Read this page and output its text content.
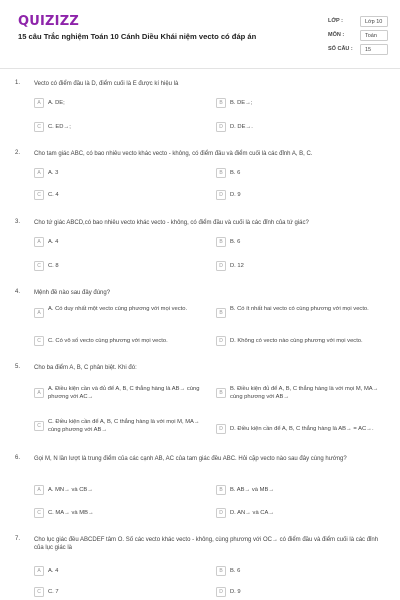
QUIZIZZ
15 câu Trắc nghiệm Toán 10 Cánh Diều Khái niệm vecto có đáp án
LỚP :	Lớp 10
MÔN :	Toán
SỐ CÂU :	15
1. Vecto có điểm đầu là D, điểm cuối là E được kí hiệu là
A	A. DE;	B	B. DE→;
C	C. ED→;	D	D. DE→.
2. Cho tam giác ABC, có bao nhiêu vecto khác vecto - không, có điểm đầu và điểm cuối là các đỉnh A, B, C.
A	A. 3	B	B. 6
C	C. 4	D	D. 9
3. Cho tứ giác ABCD,có bao nhiêu vecto khác vecto - không, có điểm đầu và cuối là các đỉnh của tứ giác?
A	A. 4	B	B. 6
C	C. 8	D	D. 12
4. Mệnh đề nào sau đây đúng?
A
A. Có duy nhất một vecto cùng phương với mọi vecto.
B
B. Có ít nhất hai vecto có cùng phương với mọi vecto.
C	C. Có vô số vecto cùng phương với mọi vecto.	D	D. Không có vecto nào cùng phương với mọi vecto.
5. Cho ba điểm A, B, C phân biệt. Khi đó:
A
A. Điều kiện cần và đủ để A, B, C thẳng hàng là AB→ cùng phương với AC→
B
B. Điều kiện đủ để A, B, C thẳng hàng là với mọi M, MA→ cùng phương với AB→
C
C. Điều kiện cần để A, B, C thẳng hàng là với mọi M, MA→ cùng phương với AB→	D	D. Điều kiện cần để A, B, C thẳng hàng là AB→ = AC→.
6. Gọi M, N lần lượt là trung điểm của các cạnh AB, AC của tam giác đều ABC. Hỏi cặp vecto nào sau đây cùng hướng?
A	A. MN→ và CB→	B	B. AB→ và MB→
C	C. MA→ và MB→	D	D. AN→ và CA→
7. Cho lục giác đều ABCDEF tâm O. Số các vecto khác vecto - không, cùng phương với OC→ có điểm đầu và điểm cuối là các đỉnh của lục giác là
A	A. 4	B	B. 6
C	C. 7	D	D. 9
